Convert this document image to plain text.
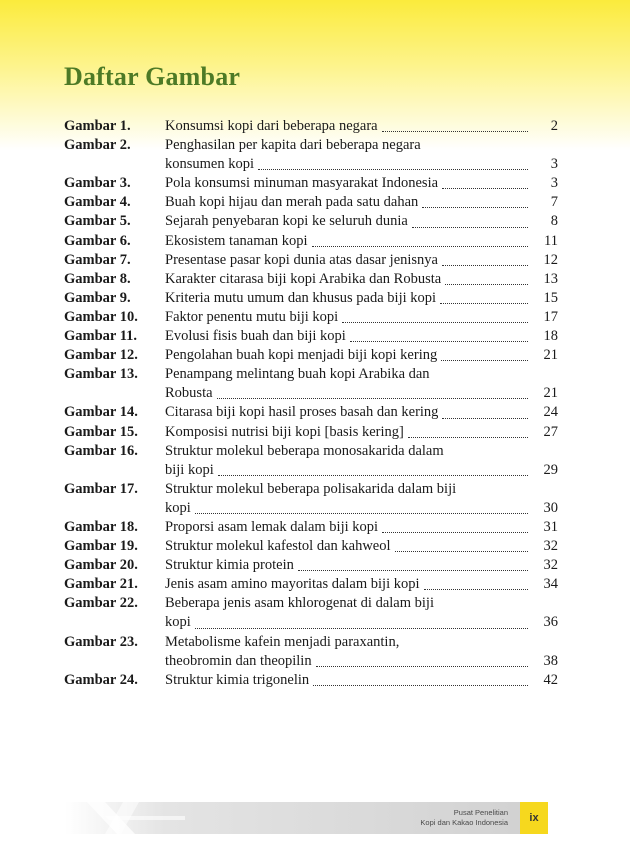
Daftar Gambar
Gambar 1.	Konsumsi kopi dari beberapa negara	2
Gambar 2.	Penghasilan per kapita dari beberapa negara
konsumen kopi	3
Gambar 3.	Pola konsumsi minuman masyarakat Indonesia	3
Gambar 4.	Buah kopi hijau dan merah pada satu dahan	7
Gambar 5.	Sejarah penyebaran kopi ke seluruh dunia	8
Gambar 6.	Ekosistem tanaman kopi	11
Gambar 7.	Presentase pasar kopi dunia atas dasar jenisnya	12
Gambar 8.	Karakter citarasa biji kopi Arabika dan Robusta	13
Gambar 9.	Kriteria mutu umum dan khusus pada biji kopi	15
Gambar 10.	Faktor penentu mutu biji kopi	17
Gambar 11.	Evolusi fisis buah dan biji kopi	18
Gambar 12.	Pengolahan buah kopi menjadi biji kopi kering	21
Gambar 13.	Penampang melintang buah kopi Arabika dan
Robusta	21
Gambar 14.	Citarasa biji kopi hasil proses basah dan kering	24
Gambar 15.	Komposisi nutrisi biji kopi [basis kering]	27
Gambar 16.	Struktur molekul beberapa monosakarida dalam
biji kopi	29
Gambar 17.	Struktur molekul beberapa polisakarida dalam biji
kopi	30
Gambar 18.	Proporsi asam lemak dalam biji kopi	31
Gambar 19.	Struktur molekul kafestol dan kahweol	32
Gambar 20.	Struktur kimia protein	32
Gambar 21.	Jenis asam amino mayoritas dalam biji kopi	34
Gambar 22.	Beberapa jenis asam khlorogenat di dalam biji
kopi	36
Gambar 23.	Metabolisme kafein menjadi paraxantin,
theobromin dan theopilin	38
Gambar 24.	Struktur kimia trigonelin	42
Pusat Penelitian
Kopi dan Kakao Indonesia	ix
